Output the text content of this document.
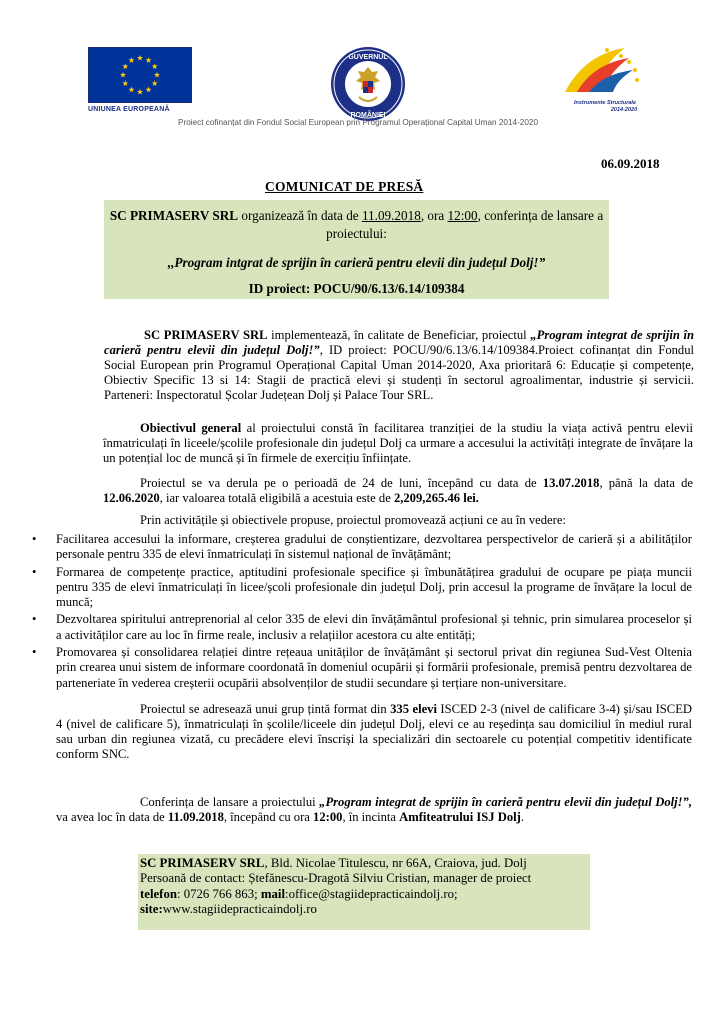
UNIUNEA EUROPEANĂ
GUVERNUL
ROMÂNIEI
Instrumente Structurale
2014-2020
Proiect cofinanțat din Fondul Social European prin Programul Operațional Capital Uman 2014-2020
06.09.2018
COMUNICAT DE PRESĂ
SC PRIMASERV SRL organizează în data de 11.09.2018, ora 12:00, conferința de lansare a
proiectului:
,,Program intgrat de sprijin în carieră pentru elevii din județul Dolj!”
ID proiect: POCU/90/6.13/6.14/109384
SC PRIMASERV SRL implementează, în calitate de Beneficiar, proiectul „Program integrat de sprijin în carieră pentru elevii din județul Dolj!”, ID proiect: POCU/90/6.13/6.14/109384.Proiect cofinanțat din Fondul Social European prin Programul Operațional Capital Uman 2014-2020, Axa prioritară 6: Educație și competențe, Obiectiv Specific 13 si 14: Stagii de practică elevi și studenți în sectorul agroalimentar, industrie și servicii. Parteneri: Inspectoratul Școlar Județean Dolj și Palace Tour SRL.
Obiectivul general al proiectului constă în facilitarea tranziției de la studiu la viața activă pentru elevii înmatriculați în liceele/școlile profesionale din județul Dolj ca urmare a accesului la activități integrate de învățare la un potențial loc de muncă și în firmele de exercițiu înființate.
Proiectul se va derula pe o perioadă de 24 de luni, începând cu data de 13.07.2018, până la data de 12.06.2020, iar valoarea totală eligibilă a acestuia este de 2,209,265.46 lei.
Prin activitățile și obiectivele propuse, proiectul promovează acțiuni ce au în vedere:
• Facilitarea accesului la informare, creșterea gradului de conștientizare, dezvoltarea perspectivelor de carieră și a abilităților personale pentru 335 de elevi înmatriculați în sistemul național de învățământ;
• Formarea de competențe practice, aptitudini profesionale specifice și îmbunătățirea gradului de ocupare pe piața muncii pentru 335 de elevi înmatriculați în licee/școli profesionale din județul Dolj, prin accesul la programe de învățare la locul de muncă;
• Dezvoltarea spiritului antreprenorial al celor 335 de elevi din învățământul profesional și tehnic, prin simularea proceselor și a activităților care au loc în firme reale, inclusiv a relațiilor acestora cu alte entități;
• Promovarea și consolidarea relației dintre rețeaua unităților de învățământ și sectorul privat din regiunea Sud-Vest Oltenia prin crearea unui sistem de informare coordonată în domeniul ocupării și formării profesionale, premisă pentru dezvoltarea de parteneriate în vederea creșterii ocupării absolvenților de studii secundare și terțiare non-universitare.
Proiectul se adresează unui grup țintă format din 335 elevi ISCED 2-3 (nivel de calificare 3-4) și/sau ISCED 4 (nivel de calificare 5), înmatriculați în școlile/liceele din județul Dolj, elevi ce au reședința sau domiciliul în mediul rural sau urban din regiunea vizată, cu precădere elevi înscriși la specializări din sectoarele cu potențial competitiv identificate conform SNC.
Conferința de lansare a proiectului „Program integrat de sprijin în carieră pentru elevii din județul Dolj!”, va avea loc în data de 11.09.2018, începând cu ora 12:00, în incinta Amfiteatrului ISJ Dolj.
SC PRIMASERV SRL, Bld. Nicolae Titulescu, nr 66A, Craiova, jud. Dolj
Persoană de contact: Ștefănescu-Dragotă Silviu Cristian, manager de proiect
telefon: 0726 766 863; mail:office@stagiidepracticaindolj.ro;
site:www.stagiidepracticaindolj.ro
